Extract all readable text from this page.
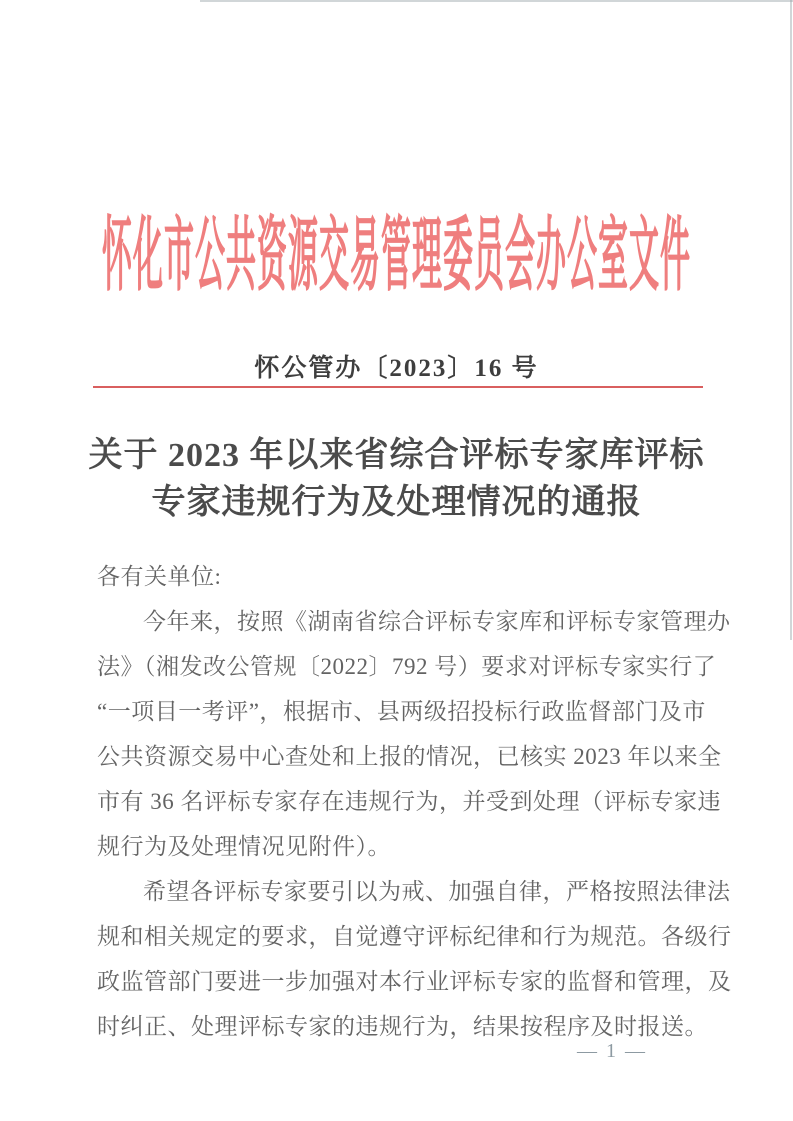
怀化市公共资源交易管理委员会办公室文件
怀公管办〔2023〕16 号
关于 2023 年以来省综合评标专家库评标
专家违规行为及处理情况的通报
各有关单位:
今年来，按照《湖南省综合评标专家库和评标专家管理办
法》（湘发改公管规〔2022〕792 号）要求对评标专家实行了
“一项目一考评”，根据市、县两级招投标行政监督部门及市
公共资源交易中心查处和上报的情况，已核实 2023 年以来全
市有 36 名评标专家存在违规行为，并受到处理（评标专家违
规行为及处理情况见附件）。
希望各评标专家要引以为戒、加强自律，严格按照法律法
规和相关规定的要求，自觉遵守评标纪律和行为规范。各级行
政监管部门要进一步加强对本行业评标专家的监督和管理，及
时纠正、处理评标专家的违规行为，结果按程序及时报送。
— 1 —
